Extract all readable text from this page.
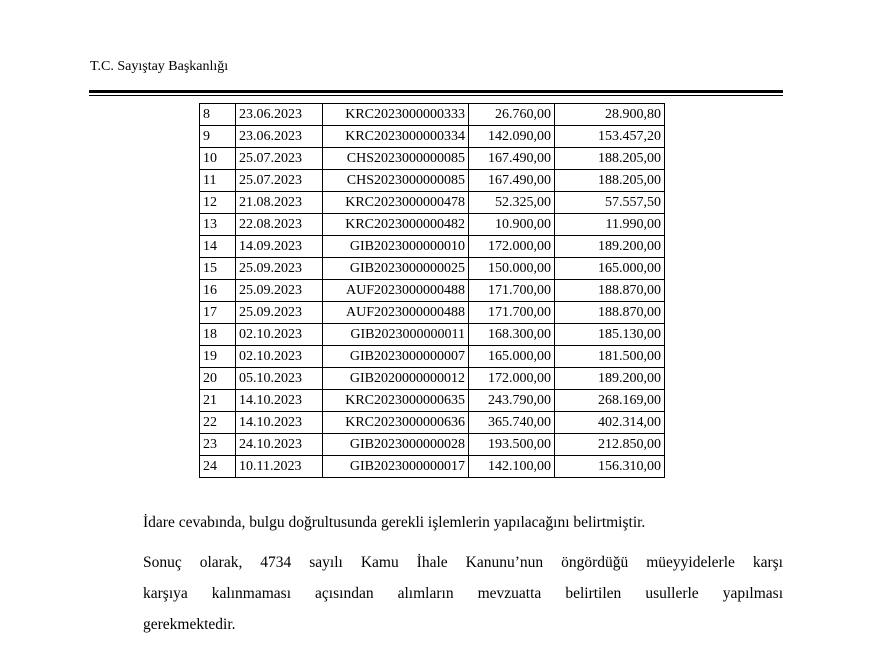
T.C. Sayıştay Başkanlığı
8	23.06.2023	KRC2023000000333	26.760,00	28.900,80
9	23.06.2023	KRC2023000000334	142.090,00	153.457,20
10	25.07.2023	CHS2023000000085	167.490,00	188.205,00
11	25.07.2023	CHS2023000000085	167.490,00	188.205,00
12	21.08.2023	KRC2023000000478	52.325,00	57.557,50
13	22.08.2023	KRC2023000000482	10.900,00	11.990,00
14	14.09.2023	GIB2023000000010	172.000,00	189.200,00
15	25.09.2023	GIB2023000000025	150.000,00	165.000,00
16	25.09.2023	AUF2023000000488	171.700,00	188.870,00
17	25.09.2023	AUF2023000000488	171.700,00	188.870,00
18	02.10.2023	GIB2023000000011	168.300,00	185.130,00
19	02.10.2023	GIB2023000000007	165.000,00	181.500,00
20	05.10.2023	GIB2020000000012	172.000,00	189.200,00
21	14.10.2023	KRC2023000000635	243.790,00	268.169,00
22	14.10.2023	KRC2023000000636	365.740,00	402.314,00
23	24.10.2023	GIB2023000000028	193.500,00	212.850,00
24	10.11.2023	GIB2023000000017	142.100,00	156.310,00
İdare cevabında, bulgu doğrultusunda gerekli işlemlerin yapılacağını belirtmiştir.
Sonuç olarak, 4734 sayılı Kamu İhale Kanunu’nun öngördüğü müeyyidelerle karşı
karşıya kalınmaması açısından alımların mevzuatta belirtilen usullerle yapılması
gerekmektedir.
